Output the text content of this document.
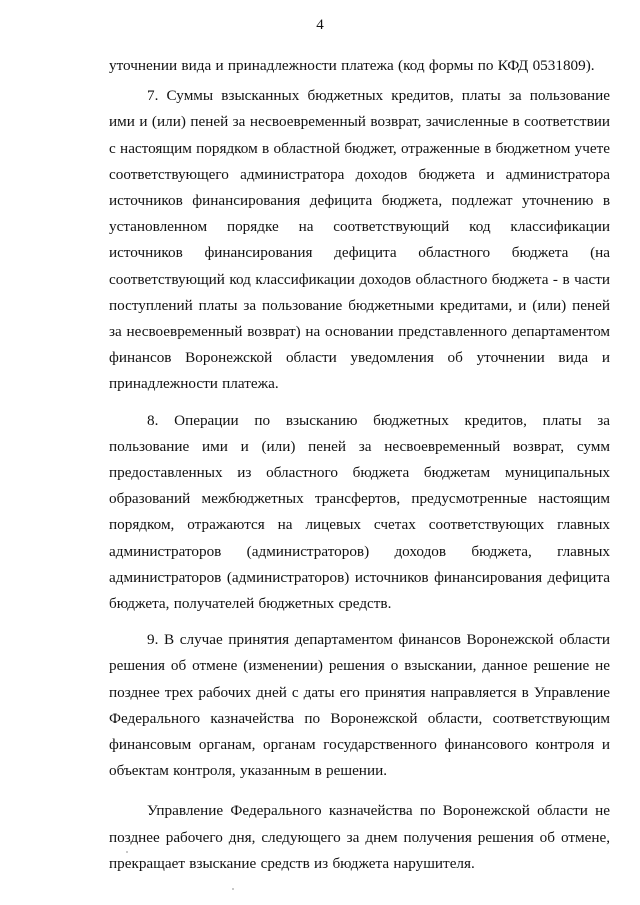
4

уточнении вида и принадлежности платежа (код формы по КФД 0531809).

7. Суммы взысканных бюджетных кредитов, платы за пользование ими и (или) пеней за несвоевременный возврат, зачисленные в соответствии с настоящим порядком в областной бюджет, отраженные в бюджетном учете соответствующего администратора доходов бюджета и администратора источников финансирования дефицита бюджета, подлежат уточнению в установленном порядке на соответствующий код классификации источников финансирования дефицита областного бюджета (на соответствующий код классификации доходов областного бюджета - в части поступлений платы за пользование бюджетными кредитами, и (или) пеней за несвоевременный возврат) на основании представленного департаментом финансов Воронежской области уведомления об уточнении вида и принадлежности платежа.

8. Операции по взысканию бюджетных кредитов, платы за пользование ими и (или) пеней за несвоевременный возврат, сумм предоставленных из областного бюджета бюджетам муниципальных образований межбюджетных трансфертов, предусмотренные настоящим порядком, отражаются на лицевых счетах соответствующих главных администраторов (администраторов) доходов бюджета, главных администраторов (администраторов) источников финансирования дефицита бюджета, получателей бюджетных средств.

9. В случае принятия департаментом финансов Воронежской области решения об отмене (изменении) решения о взыскании, данное решение не позднее трех рабочих дней с даты его принятия направляется в Управление Федерального казначейства по Воронежской области, соответствующим финансовым органам, органам государственного финансового контроля и объектам контроля, указанным в решении.

Управление Федерального казначейства по Воронежской области не позднее рабочего дня, следующего за днем получения решения об отмене, прекращает взыскание средств из бюджета нарушителя.
